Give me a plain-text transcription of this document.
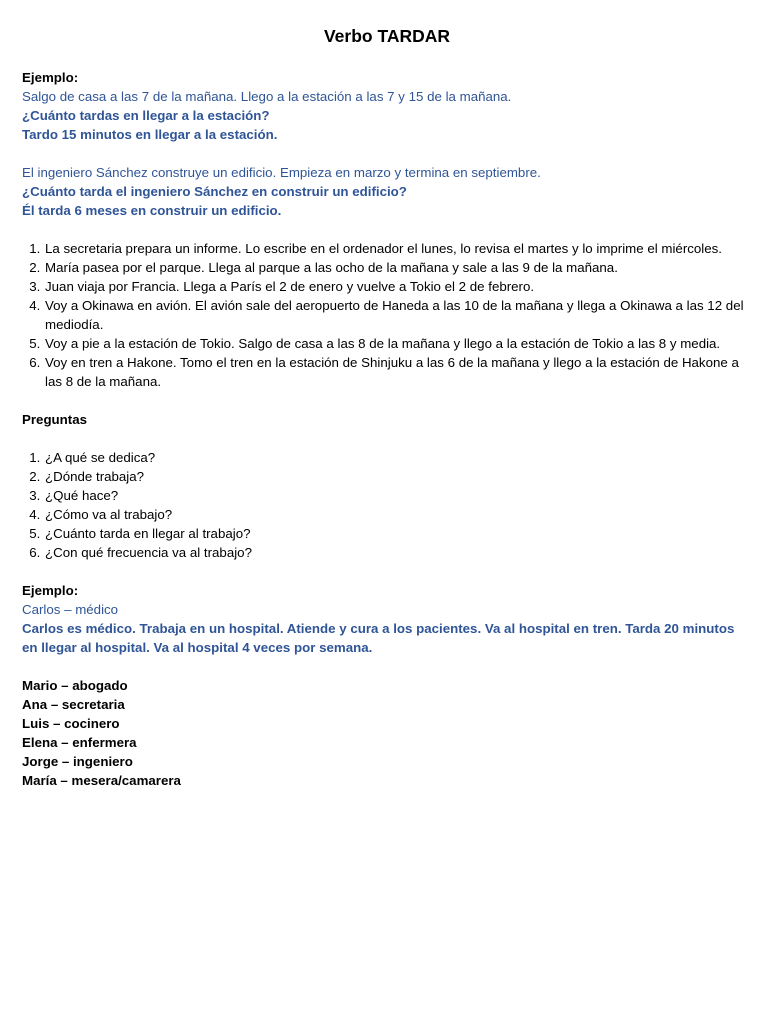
Verbo TARDAR

Ejemplo:

Salgo de casa a las 7 de la mañana. Llego a la estación a las 7 y 15 de la mañana.

¿Cuánto tardas en llegar a la estación?

Tardo 15 minutos en llegar a la estación.

El ingeniero Sánchez construye un edificio. Empieza en marzo y termina en septiembre.

¿Cuánto tarda el ingeniero Sánchez en construir un edificio?

Él tarda 6 meses en construir un edificio.

1. La secretaria prepara un informe. Lo escribe en el ordenador el lunes, lo revisa el martes y lo imprime el miércoles.
2. María pasea por el parque. Llega al parque a las ocho de la mañana y sale a las 9 de la mañana.
3. Juan viaja por Francia. Llega a París el 2 de enero y vuelve a Tokio el 2 de febrero.
4. Voy a Okinawa en avión. El avión sale del aeropuerto de Haneda a las 10 de la mañana y llega a Okinawa a las 12 del mediodía.
5. Voy a pie a la estación de Tokio. Salgo de casa a las 8 de la mañana y llego a la estación de Tokio a las 8 y media.
6. Voy en tren a Hakone. Tomo el tren en la estación de Shinjuku a las 6 de la mañana y llego a la estación de Hakone a las 8 de la mañana.

Preguntas

1. ¿A qué se dedica?
2. ¿Dónde trabaja?
3. ¿Qué hace?
4. ¿Cómo va al trabajo?
5. ¿Cuánto tarda en llegar al trabajo?
6. ¿Con qué frecuencia va al trabajo?

Ejemplo:

Carlos – médico

Carlos es médico. Trabaja en un hospital. Atiende y cura a los pacientes. Va al hospital en tren. Tarda 20 minutos en llegar al hospital. Va al hospital 4 veces por semana.

Mario – abogado

Ana – secretaria

Luis – cocinero

Elena – enfermera

Jorge – ingeniero

María – mesera/camarera
